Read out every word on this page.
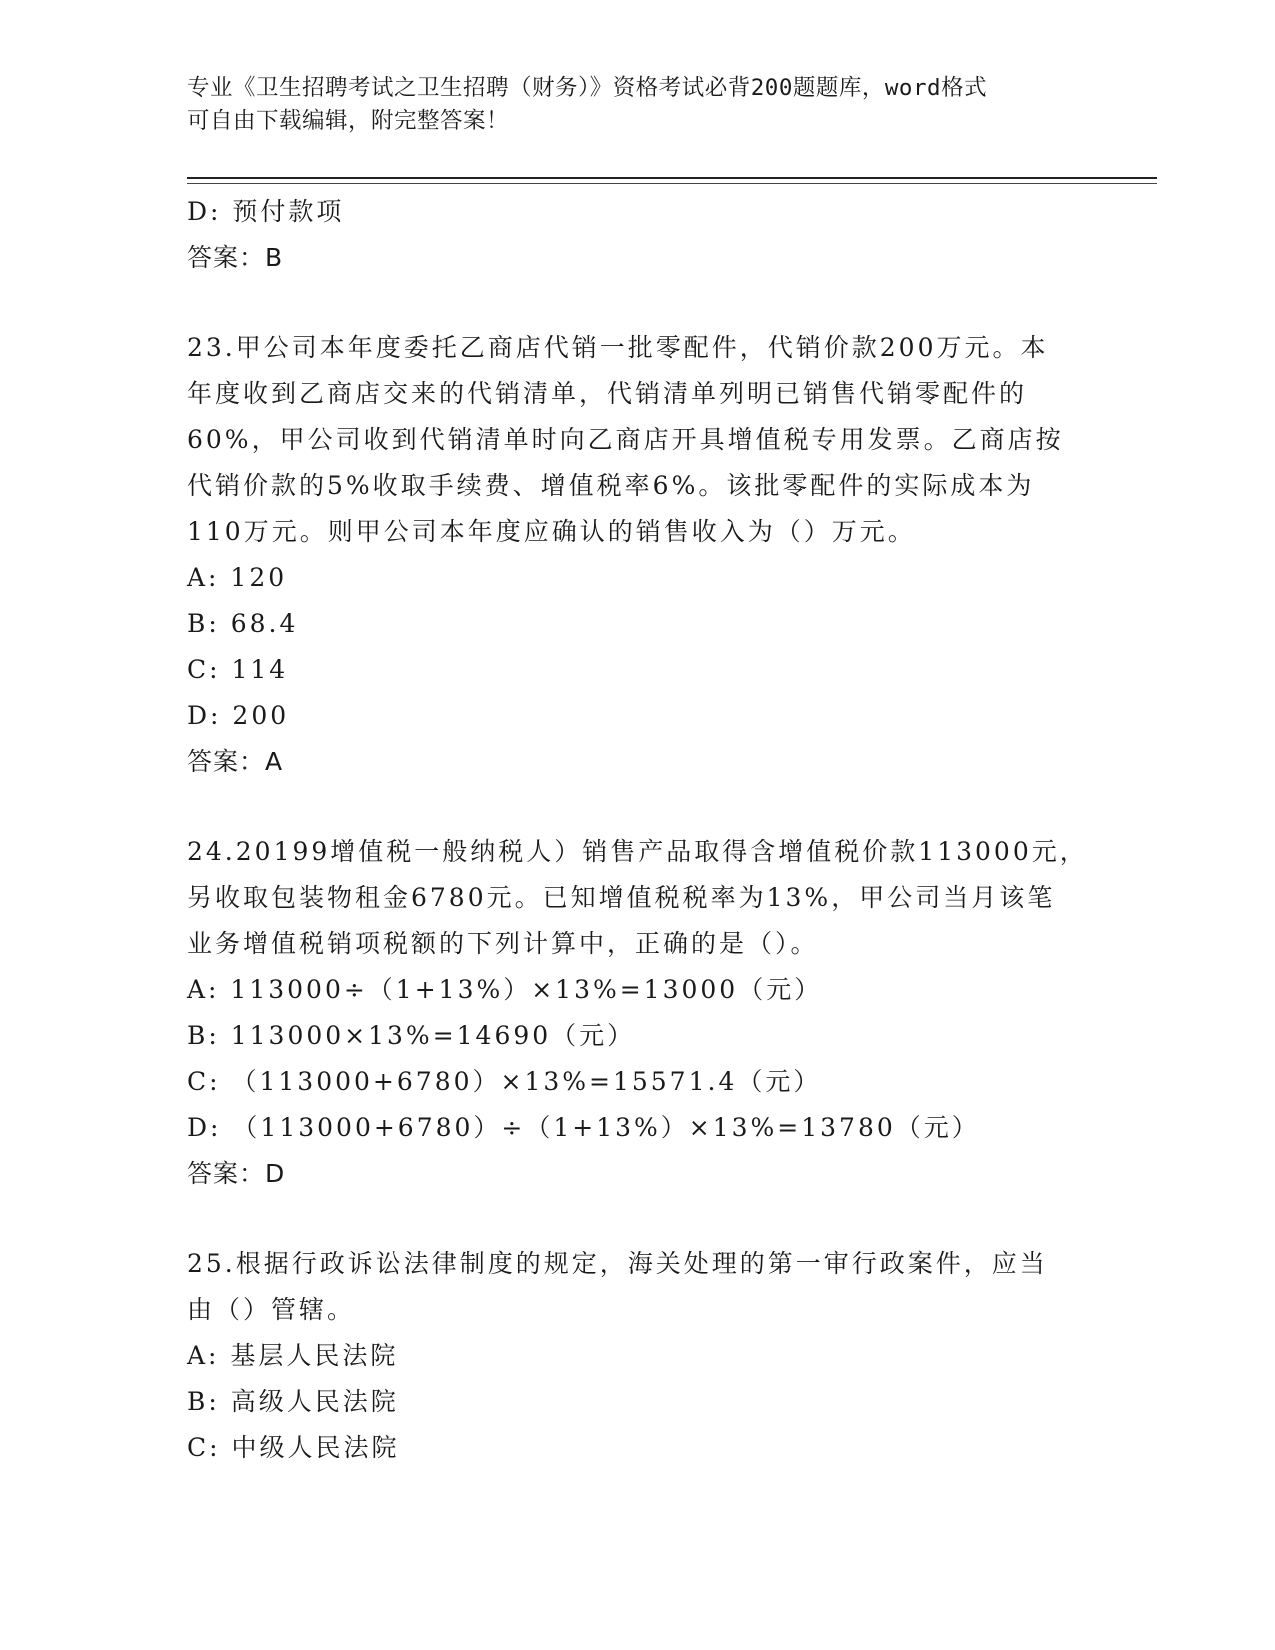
专业《卫生招聘考试之卫生招聘（财务）》资格考试必背200题题库，word格式
可自由下载编辑，附完整答案！
D: 预付款项
答案：B
23.甲公司本年度委托乙商店代销一批零配件，代销价款200万元。本
年度收到乙商店交来的代销清单，代销清单列明已销售代销零配件的
60%，甲公司收到代销清单时向乙商店开具增值税专用发票。乙商店按
代销价款的5%收取手续费、增值税率6%。该批零配件的实际成本为
110万元。则甲公司本年度应确认的销售收入为（）万元。
A: 120
B: 68.4
C: 114
D: 200
答案：A
24.20199增值税一般纳税人）销售产品取得含增值税价款113000元，
另收取包装物租金6780元。已知增值税税率为13%，甲公司当月该笔
业务增值税销项税额的下列计算中，正确的是（）。
A: 113000÷（1+13%）×13%=13000（元）
B: 113000×13%=14690（元）
C: （113000+6780）×13%=15571.4（元）
D: （113000+6780）÷（1+13%）×13%=13780（元）
答案：D
25.根据行政诉讼法律制度的规定，海关处理的第一审行政案件，应当
由（）管辖。
A: 基层人民法院
B: 高级人民法院
C: 中级人民法院
